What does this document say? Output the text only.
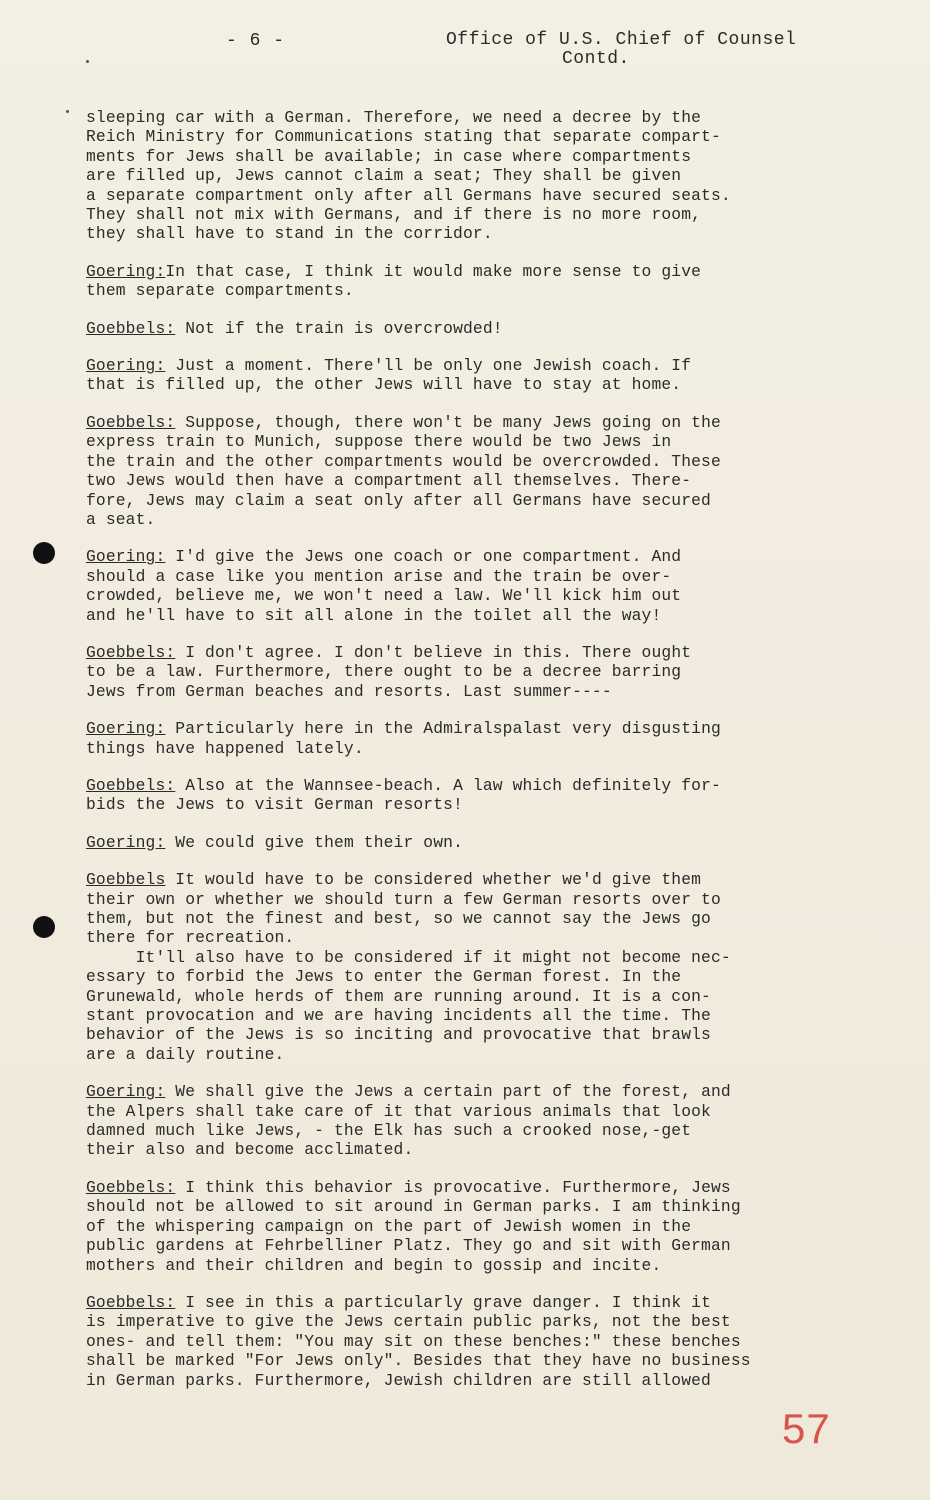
- 6 -	Office of U.S. Chief of Counsel
Contd.
sleeping car with a German. Therefore, we need a decree by the
Reich Ministry for Communications stating that separate compart-
ments for Jews shall be available; in case where compartments
are filled up, Jews cannot claim a seat; They shall be given
a separate compartment only after all Germans have secured seats.
They shall not mix with Germans, and if there is no more room,
they shall have to stand in the corridor.
Goering:In that case, I think it would make more sense to give
them separate compartments.
Goebbels: Not if the train is overcrowded!
Goering: Just a moment. There'll be only one Jewish coach. If
that is filled up, the other Jews will have to stay at home.
Goebbels: Suppose, though, there won't be many Jews going on the
express train to Munich, suppose there would be two Jews in
the train and the other compartments would be overcrowded. These
two Jews would then have a compartment all themselves. There-
fore, Jews may claim a seat only after all Germans have secured
a seat.
Goering: I'd give the Jews one coach or one compartment. And
should a case like you mention arise and the train be over-
crowded, believe me, we won't need a law. We'll kick him out
and he'll have to sit all alone in the toilet all the way!
Goebbels: I don't agree. I don't believe in this. There ought
to be a law. Furthermore, there ought to be a decree barring
Jews from German beaches and resorts. Last summer----
Goering: Particularly here in the Admiralspalast very disgusting
things have happened lately.
Goebbels: Also at the Wannsee-beach. A law which definitely for-
bids the Jews to visit German resorts!
Goering: We could give them their own.
Goebbels It would have to be considered whether we'd give them
their own or whether we should turn a few German resorts over to
them, but not the finest and best, so we cannot say the Jews go
there for recreation.
It'll also have to be considered if it might not become nec-
essary to forbid the Jews to enter the German forest. In the
Grunewald, whole herds of them are running around. It is a con-
stant provocation and we are having incidents all the time. The
behavior of the Jews is so inciting and provocative that brawls
are a daily routine.
Goering: We shall give the Jews a certain part of the forest, and
the Alpers shall take care of it that various animals that look
damned much like Jews, - the Elk has such a crooked nose,-get
their also and become acclimated.
Goebbels: I think this behavior is provocative. Furthermore, Jews
should not be allowed to sit around in German parks. I am thinking
of the whispering campaign on the part of Jewish women in the
public gardens at Fehrbelliner Platz. They go and sit with German
mothers and their children and begin to gossip and incite.
Goebbels: I see in this a particularly grave danger. I think it
is imperative to give the Jews certain public parks, not the best
ones- and tell them: "You may sit on these benches:" these benches
shall be marked "For Jews only". Besides that they have no business
in German parks. Furthermore, Jewish children are still allowed
57
